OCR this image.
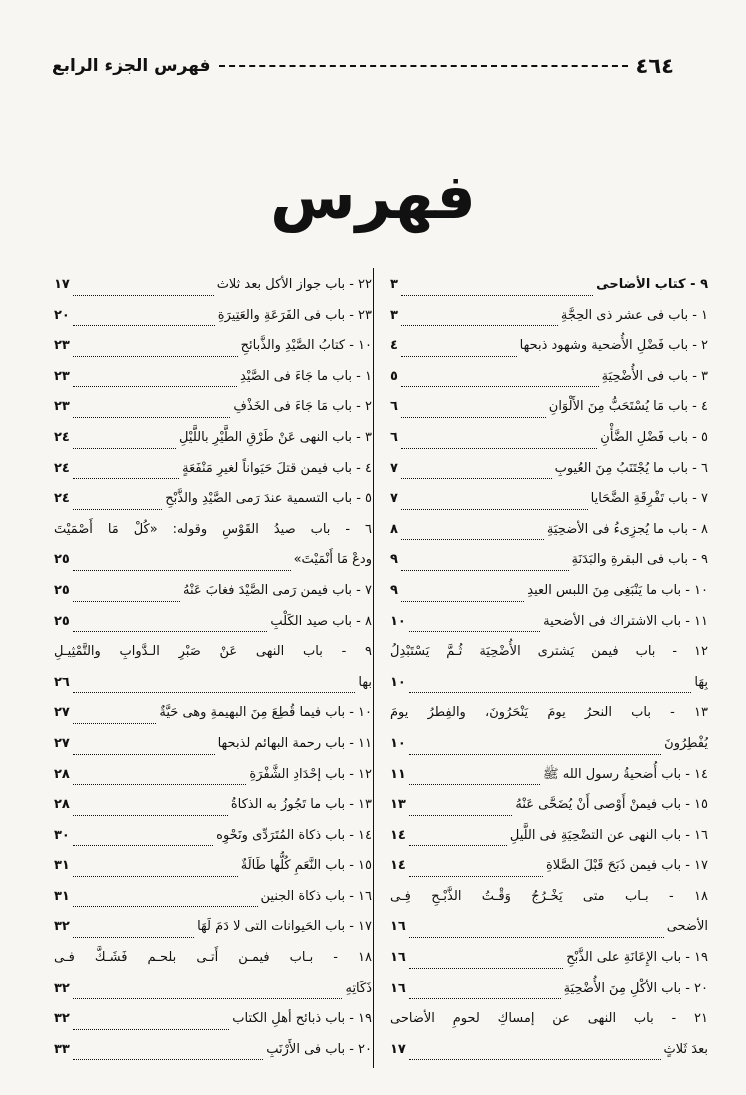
٤٦٤
فهرس الجزء الرابع
فهرس
٩ - كتاب الأضاحى
٣
١ - باب فى عشر ذى الحِجَّةِ
٣
٢ - باب فَضْلِ الأُضحية وشهود ذبحها
٤
٣ - باب فى الأُضْحِيَةِ
٥
٤ - باب مَا يُسْتَحَبُّ مِنَ الأَلْوَانِ
٦
٥ - باب فَضْلِ الضَّأْنِ
٦
٦ - باب ما يُجْتَنَبُ مِنَ العُيوبِ
٧
٧ - باب تَفْرِقَةِ الضَّحَايا
٧
٨ - باب ما يُجزِىءُ فى الأضحِيَةِ
٨
٩ - باب فى البقرةِ والبَدَنَةِ
٩
١٠ - باب ما يَنْبَغِى مِنَ اللبس العيدِ
٩
١١ - باب الاشتراك فى الأضحية
١٠
١٢ - باب فيمن يَشترى الأُضْحِيَة ثُـمَّ يَسْتَبْدِلُ
بِهَا
١٠
١٣ - باب النحرُ يومَ يَنْحَرُونَ، والفِطرُ يومَ
يُفْطِرُونَ
١٠
١٤ - باب أُضحيةُ رسول الله ﷺ
١١
١٥ - باب فيمنْ أَوْصى أَنْ يُضَحَّى عَنْهُ
١٣
١٦ - باب النهى عن التضْحِيَةِ فى اللَّيلِ
١٤
١٧ - باب فيمن ذَبَحَ قَبْلَ الصَّلاةِ
١٤
١٨ - بـاب متى يَخْـرُجُ وَقْـتُ الذَّبْـحِ فِـى
الأضحى
١٦
١٩ - باب الإِعَانَةِ على الذَّبْحِ
١٦
٢٠ - باب الأكْلِ مِنَ الأُضْحِيَةِ
١٦
٢١ - باب النهى عن إمساكِ لحومِ الأضاحى
بعدَ ثَلاثٍ
١٧
٢٢ - باب جواز الأكل بعد ثلاث
١٧
٢٣ - باب فى الفَرَعَةِ والعَتِيرَةِ
٢٠
١٠ - كتابُ الصَّيْدِ والذَّبائحِ
٢٣
١ - باب ما جَاءَ فى الصَّيْدِ
٢٣
٢ - باب مَا جَاءَ فى الخَذْفِ
٢٣
٣ - باب النهى عَنْ طَرْقِ الطَّيْرِ باللَّيْلِ
٢٤
٤ - باب فيمن قتلَ حَيَواناً لغيرِ مَنْفَعَةٍ
٢٤
٥ - باب التسمية عندَ رَمى الصَّيْدِ والذَّبْحِ
٢٤
٦ - باب صيدُ القَوْسِ وقوله: «كُلْ مَا أَصْمَيْتَ
ودعْ مَا أَنْمَيْتَ»
٢٥
٧ - باب فيمن رَمى الصَّيْدَ فغابَ عَنْهُ
٢٥
٨ - باب صيد الكَلْبِ
٢٥
٩ - باب النهى عَنْ صَبْرِ الـدَّوابِ والتَّمْثِيـلِ
بها
٢٦
١٠ - باب فيما قُطِعَ مِنَ البهيمةِ وهى حَيَّةٌ
٢٧
١١ - باب رحمة البهائم لذبحها
٢٧
١٢ - باب إحْدَادِ الشَّفْرَةِ
٢٨
١٣ - باب ما تَجُوزُ به الذكاةُ
٢٨
١٤ - باب ذكاة المُتَرَدِّى ونَحْوِه
٣٠
١٥ - باب النَّعَمِ كُلُّها طَالَةٌ
٣١
١٦ - باب ذكاة الجنين
٣١
١٧ - باب الحَيوانات التى لا دَمَ لَهَا
٣٢
١٨ - بـاب فيمـن أَتـى بلحـم فَشَـكَّ فـى
ذَكَاتِهِ
٣٢
١٩ - باب ذبائح أهلِ الكتاب
٣٢
٢٠ - باب فى الأَرْنَبِ
٣٣
